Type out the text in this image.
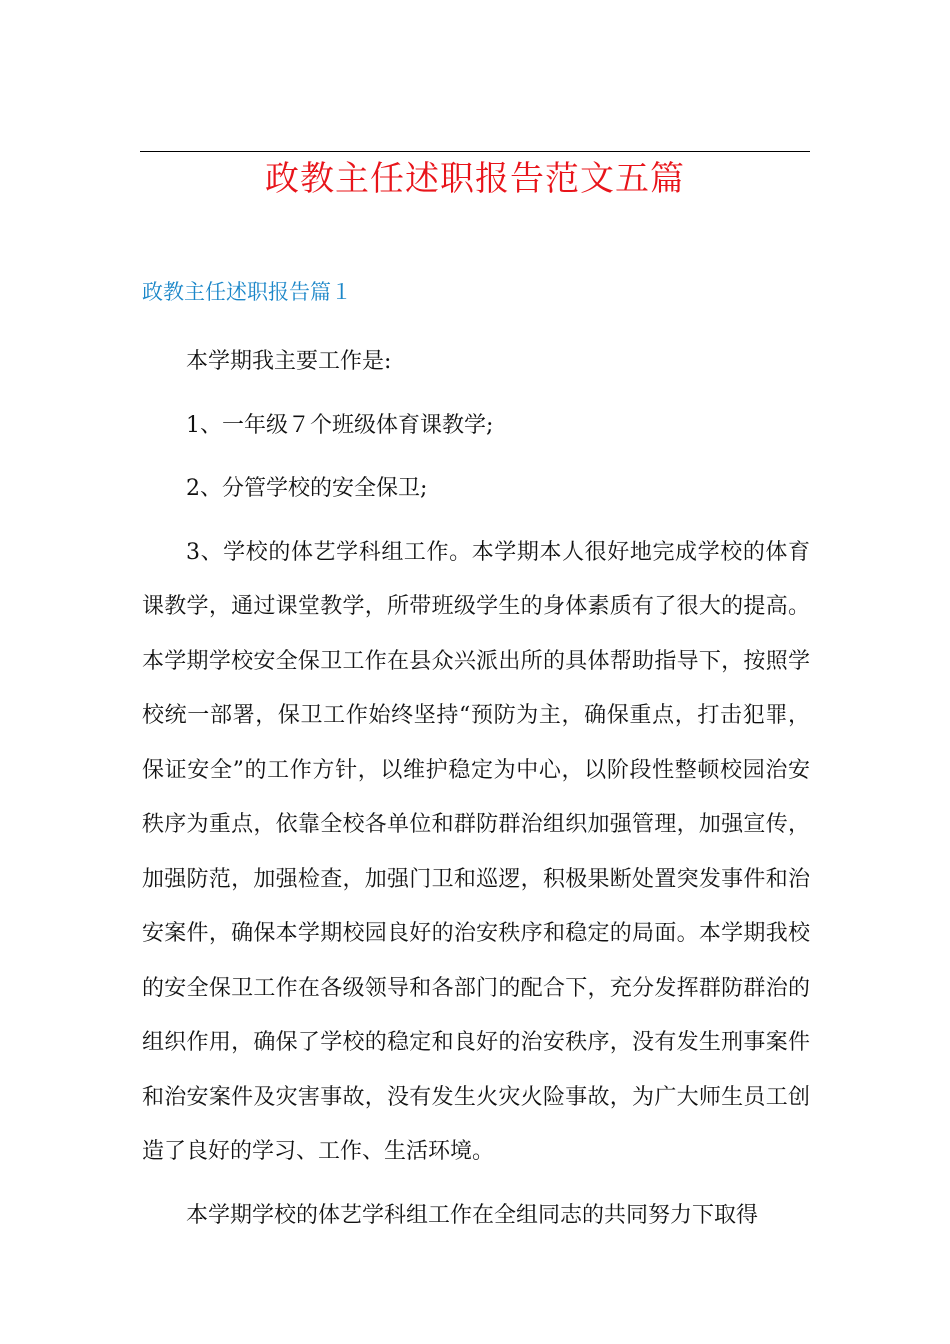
政教主任述职报告范文五篇
政教主任述职报告篇１

本学期我主要工作是:

1、一年级７个班级体育课教学;

2、分管学校的安全保卫;

3、学校的体艺学科组工作。本学期本人很好地完成学校的体育课教学，通过课堂教学，所带班级学生的身体素质有了很大的提高。本学期学校安全保卫工作在县众兴派出所的具体帮助指导下，按照学校统一部署，保卫工作始终坚持“预防为主，确保重点，打击犯罪，保证安全”的工作方针，以维护稳定为中心，以阶段性整顿校园治安秩序为重点，依靠全校各单位和群防群治组织加强管理，加强宣传，加强防范，加强检查，加强门卫和巡逻，积极果断处置突发事件和治安案件，确保本学期校园良好的治安秩序和稳定的局面。本学期我校的安全保卫工作在各级领导和各部门的配合下，充分发挥群防群治的组织作用，确保了学校的稳定和良好的治安秩序，没有发生刑事案件和治安案件及灾害事故，没有发生火灾火险事故，为广大师生员工创造了良好的学习、工作、生活环境。

本学期学校的体艺学科组工作在全组同志的共同努力下取得
